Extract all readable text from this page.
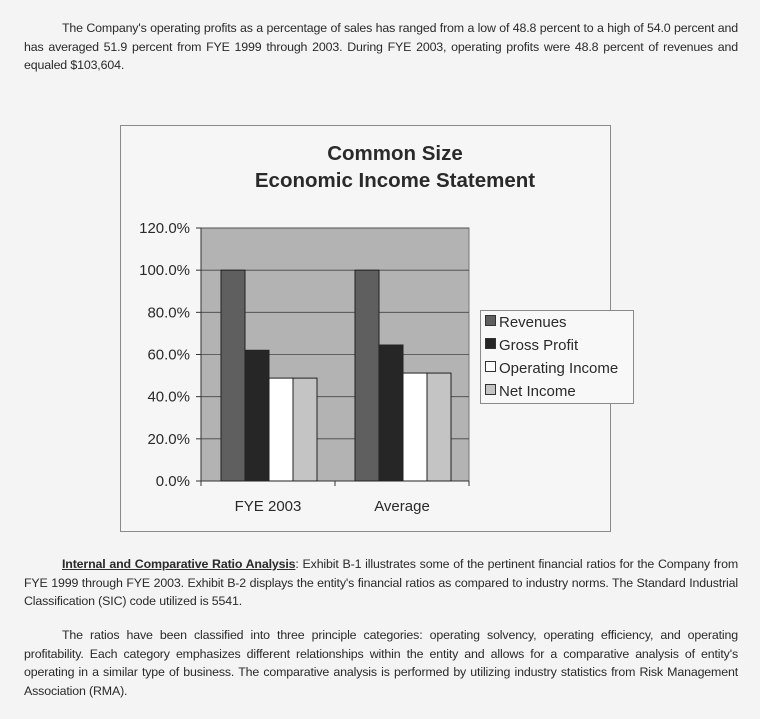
The Company's operating profits as a percentage of sales has ranged from a low of 48.8 percent to a high of 54.0 percent and has averaged 51.9 percent from FYE 1999 through 2003. During FYE 2003, operating profits were 48.8 percent of revenues and equaled $103,604.
Common Size
Economic Income Statement
0.0%
20.0%
40.0%
60.0%
80.0%
100.0%
120.0%
FYE 2003	Average
Revenues
Gross Profit
Operating Income
Net Income
Internal and Comparative Ratio Analysis: Exhibit B-1 illustrates some of the pertinent financial ratios for the Company from FYE 1999 through FYE 2003. Exhibit B-2 displays the entity's financial ratios as compared to industry norms. The Standard Industrial Classification (SIC) code utilized is 5541.
The ratios have been classified into three principle categories: operating solvency, operating efficiency, and operating profitability. Each category emphasizes different relationships within the entity and allows for a comparative analysis of entity's operating in a similar type of business. The comparative analysis is performed by utilizing industry statistics from Risk Management Association (RMA).
